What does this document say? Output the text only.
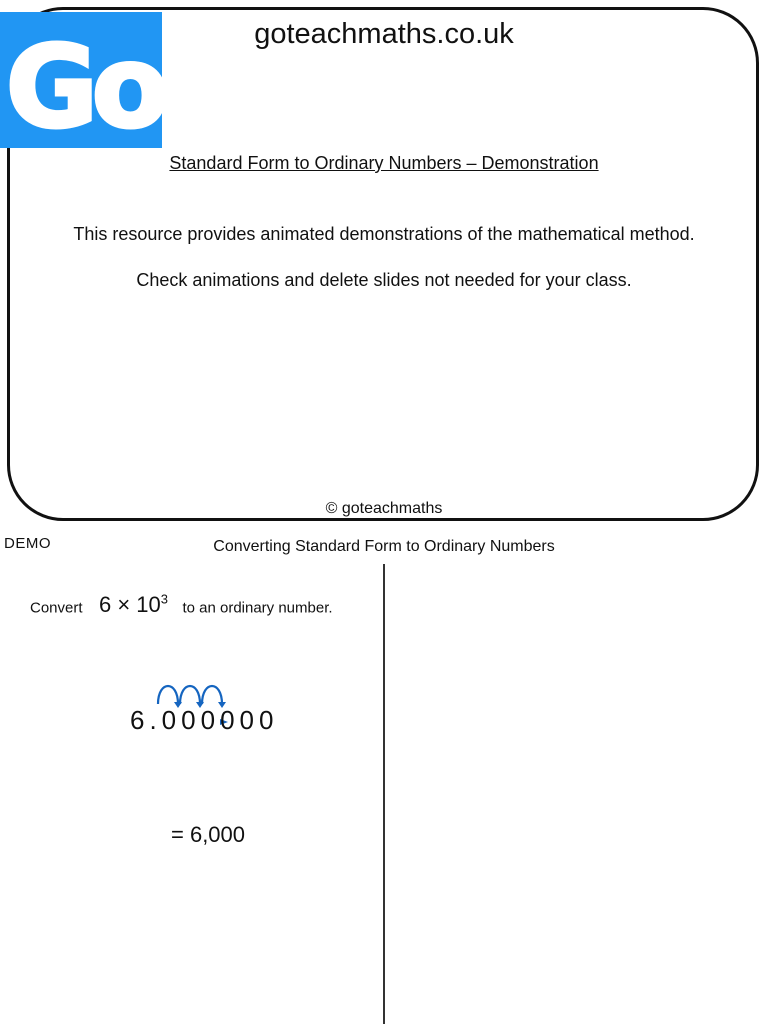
Go!	goteachmaths.co.uk
Standard Form to Ordinary Numbers – Demonstration
This resource provides animated demonstrations of the mathematical method.
Check animations and delete slides not needed for your class.
© goteachmaths
DEMO	Converting Standard Form to Ordinary Numbers
Convert $6 \times 10^3$ to an ordinary number.
6.000000
= 6,000
